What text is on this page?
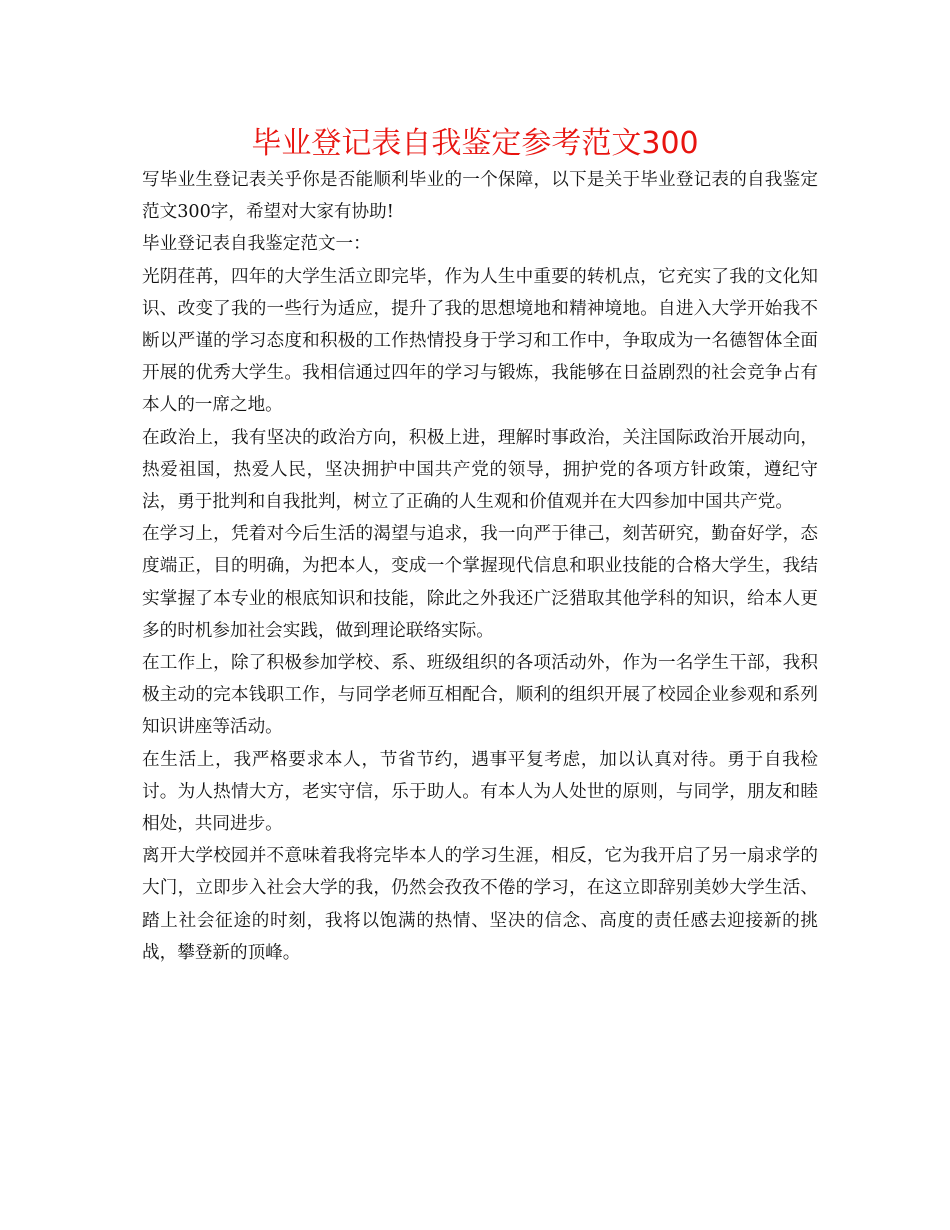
毕业登记表自我鉴定参考范文300

写毕业生登记表关乎你是否能顺利毕业的一个保障，以下是关于毕业登记表的自我鉴定范文300字，希望对大家有协助!

毕业登记表自我鉴定范文一：

光阴荏苒，四年的大学生活立即完毕，作为人生中重要的转机点，它充实了我的文化知识、改变了我的一些行为适应，提升了我的思想境地和精神境地。自进入大学开始我不断以严谨的学习态度和积极的工作热情投身于学习和工作中，争取成为一名德智体全面开展的优秀大学生。我相信通过四年的学习与锻炼，我能够在日益剧烈的社会竞争占有本人的一席之地。

在政治上，我有坚决的政治方向，积极上进，理解时事政治，关注国际政治开展动向，热爱祖国，热爱人民，坚决拥护中国共产党的领导，拥护党的各项方针政策，遵纪守法，勇于批判和自我批判，树立了正确的人生观和价值观并在大四参加中国共产党。

在学习上，凭着对今后生活的渴望与追求，我一向严于律己，刻苦研究，勤奋好学，态度端正，目的明确，为把本人，变成一个掌握现代信息和职业技能的合格大学生，我结实掌握了本专业的根底知识和技能，除此之外我还广泛猎取其他学科的知识，给本人更多的时机参加社会实践，做到理论联络实际。

在工作上，除了积极参加学校、系、班级组织的各项活动外，作为一名学生干部，我积极主动的完本钱职工作，与同学老师互相配合，顺利的组织开展了校园企业参观和系列知识讲座等活动。

在生活上，我严格要求本人，节省节约，遇事平复考虑，加以认真对待。勇于自我检讨。为人热情大方，老实守信，乐于助人。有本人为人处世的原则，与同学，朋友和睦相处，共同进步。

离开大学校园并不意味着我将完毕本人的学习生涯，相反，它为我开启了另一扇求学的大门，立即步入社会大学的我，仍然会孜孜不倦的学习，在这立即辞别美妙大学生活、踏上社会征途的时刻，我将以饱满的热情、坚决的信念、高度的责任感去迎接新的挑战，攀登新的顶峰。
